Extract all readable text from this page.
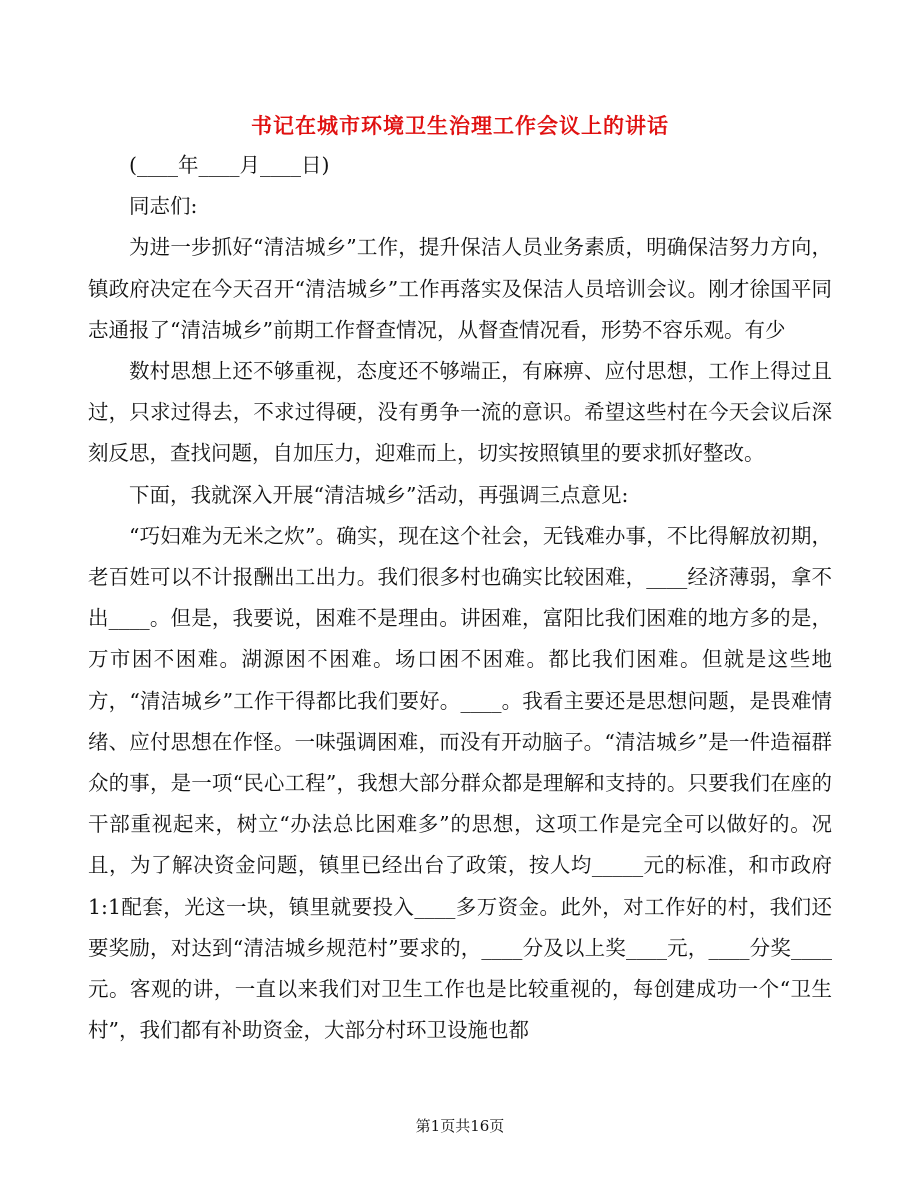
书记在城市环境卫生治理工作会议上的讲话

(____年____月____日)

同志们:

为进一步抓好“清洁城乡”工作，提升保洁人员业务素质，明确保洁努力方向，镇政府决定在今天召开“清洁城乡”工作再落实及保洁人员培训会议。刚才徐国平同志通报了“清洁城乡”前期工作督查情况，从督查情况看，形势不容乐观。有少

数村思想上还不够重视，态度还不够端正，有麻痹、应付思想，工作上得过且过，只求过得去，不求过得硬，没有勇争一流的意识。希望这些村在今天会议后深刻反思，查找问题，自加压力，迎难而上，切实按照镇里的要求抓好整改。

下面，我就深入开展“清洁城乡”活动，再强调三点意见:

“巧妇难为无米之炊”。确实，现在这个社会，无钱难办事，不比得解放初期，老百姓可以不计报酬出工出力。我们很多村也确实比较困难，____经济薄弱，拿不出____。但是，我要说，困难不是理由。讲困难，富阳比我们困难的地方多的是，万市困不困难。湖源困不困难。场口困不困难。都比我们困难。但就是这些地方，“清洁城乡”工作干得都比我们要好。____。我看主要还是思想问题，是畏难情绪、应付思想在作怪。一味强调困难，而没有开动脑子。“清洁城乡”是一件造福群众的事，是一项“民心工程”，我想大部分群众都是理解和支持的。只要我们在座的干部重视起来，树立“办法总比困难多”的思想，这项工作是完全可以做好的。况且，为了解决资金问题，镇里已经出台了政策，按人均_____元的标准，和市政府1:1配套，光这一块，镇里就要投入____多万资金。此外，对工作好的村，我们还要奖励，对达到“清洁城乡规范村”要求的，____分及以上奖____元，____分奖____元。客观的讲，一直以来我们对卫生工作也是比较重视的，每创建成功一个“卫生村”，我们都有补助资金，大部分村环卫设施也都

第1页共16页
